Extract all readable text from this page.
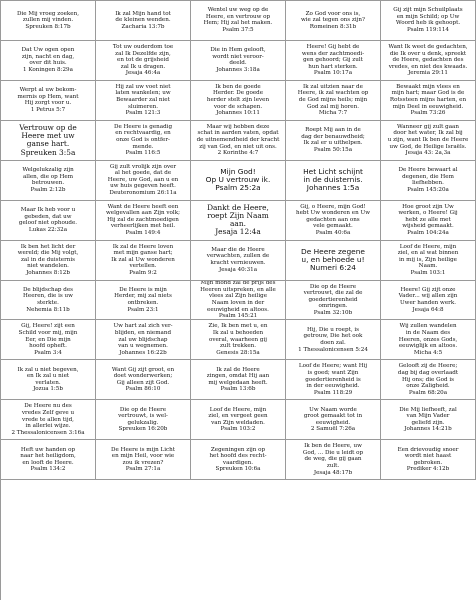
Die Mij vroeg zoeken,
zullen mij vinden.
Spreuken 8:17b
Ik zal Mijn hand tot
de kleinen wenden.
Zacharia 13:7b
Wentel uw weg op de
Heere, en vertrouw op
Hem; Hij zal het maken.
Psalm 37:5
Zo God voor ons is,
wie zal tegen ons zijn?
Romeinen 8:31b
Gij zijt mijn Schuilplaats
en mijn Schild; op Uw
Woord heb ik gehoopt.
Psalm 119:114
Dat Uw ogen open
zijn, nacht en dag,
over dit huis.
1 Koningen 8:29a
Tot uw ouderdom toe
zal Ik Dezelfde zijn,
en tot de grijsheid
zal Ik u dragen.
Jesaja 46:4a
Die in Hem gelooft,
wordt niet veroor-
deeld.
Johannes 3:18a
Heere! Gij hebt de
wens der zachtmoedi-
gen gehoord; Gij zult
hun hart sterken.
Psalm 10:17a
Want Ik weet de gedachten,
die Ik over u denk, spreekt
de Heere, gedachten des
vredes, en niet des kwaads.
Jeremia 29:11
Werpt al uw bekom-
mernis op Hem, want
Hij zorgt voor u.
1 Petrus 5:7
Hij zal uw voet niet
laten wankelen; uw
Bewaarder zal niet
sluimeren.
Psalm 121:3
Ik ben de goede
Herder. De goede
herder stelt zijn leven
voor de schapen.
Johannes 10:11
Ik zal uitzien naar de
Heere, ik zal wachten op
de God mijns heils; mijn
God zal mij horen.
Micha 7:7
Bewaakt mijn vlees en
mijn hart; maar God is de
Rotssteen mijns harten, en
mijn Deel in eeuwigheid.
Psalm 73:26
Vertrouw op de
Heere met uw
ganse hart.
Spreuken 3:5a
De Heere is genadig
en rechtvaardig, en
onze God is ontfer-
mende.
Psalm 116:5
Maar wij hebben deze
schat in aarden vaten, opdat
de uitnemendheid der kracht
zij van God, en niet uit ons.
2 Korinthe 4:7
Roept Mij aan in de
dag der benauwdheid;
Ik zal er u uithelpen.
Psalm 50:15a
Wanneer gij zult gaan
door het water, Ik zal bij
u zijn, want Ik ben de Heere
uw God, de Heilige Israëls.
Jesaja 43: 2a,3a
Welgelukzalig zijn
allen, die op Hem
betrouwen.
Psalm 2:12b
Gij zult vrolijk zijn over
al het goede, dat de
Heere, uw God, aan u en
uw huis gegeven heeft.
Deuteronomium 26:11a
Mijn God!
Op U vertrouw ik.
Psalm 25:2a
Het Licht schijnt
in de duisternis.
Johannes 1:5a
De Heere bewaart al
degenen, die Hem
liefhebben.
Psalm 145:20a
Maar Ik heb voor u
gebeden, dat uw
geloof niet ophoude.
Lukas 22:32a
Want de Heere heeft een
welgevallen aan Zijn volk;
Hij zal de zachtmoedigen
verheerlijken met heil.
Psalm 149:4
Dankt de Heere,
roept Zijn Naam
aan.
Jesaja 12:4a
Gij, o Heere, mijn God!
hebt Uw wonderen en Uw
gedachten aan ons
vele gemaakt.
Psalm 40:6a
Hoe groot zijn Uw
werken, o Heere! Gij
hebt ze alle met
wijsheid gemaakt.
Psalm 104:24a
Ik ben het licht der
wereld; die Mij volgt,
zal in de duisternis
niet wandelen.
Johannes 8:12b
Ik zal de Heere loven
met mijn ganse hart;
Ik zal al Uw wonderen
vertellen.
Psalm 9:2
Maar die de Heere
verwachten, zullen de
kracht vernieuwen.
Jesaja 40:31a
De Heere zegene
u, en behoede u!
Numeri 6:24
Loof de Heere, mijn
ziel, en al wat binnen
in mij is, Zijn heilige
Naam.
Psalm 103:1
De blijdschap des
Heeren, die is uw
sterkte.
Nehemia 8:11b
De Heere is mijn
Herder, mij zal niets
ontbreken.
Psalm 23:1
Mijn mond zal de prijs des
Heeren uitspreken, en alle
vlees zal Zijn heilige
Naam loven in der
eeuwigheid en altoos.
Psalm 145:21
Die op de Heere
vertrouwt, die zal de
goedertierenheid
omringen.
Psalm 32:10b
Heere! Gij zijt onze
Vader... wij allen zijn
Uwer handen werk.
Jesaja 64:8
Gij, Heere! zijt een
Schild voor mij, mijn
Eer, en Die mijn
hoofd opheft.
Psalm 3:4
Uw hart zal zich ver-
blijden, en niemand
zal uw blijdschap
van u wegnemen.
Johannes 16:22b
Zie, Ik ben met u, en
Ik zal u behoeden
overal, waarheen gij
zult trekken.
Genesis 28:15a
Hij, Die u roept, is
getrouw, Die het ook
doen zal.
1 Thessalonicensen 5:24
Wij zullen wandelen
in de Naam des
Heeren, onzes Gods,
eeuwiglijk en altoos.
Micha 4:5
Ik zal u niet begeven,
en Ik zal u niet
verlaten.
Jozua 1:5b
Want Gij zijt groot, en
doet wonderwerken;
Gij alleen zijt God.
Psalm 86:10
Ik zal de Heere
zingen, omdat Hij aan
mij welgedaan heeft.
Psalm 13:6b
Loof de Heere; want Hij
is goed; want Zijn
goedertierenheid is
in der eeuwigheid.
Psalm 118:29
Gelooft zij de Heere;
dag bij dag overlaadt
Hij ons; die God is
onze Zaligheid.
Psalm 68:20a
De Heere nu des
vredes Zelf geve u
vrede te allen tijd,
in allerlei wijze.
2 Thessalonicensen 3:16a
Die op de Heere
vertrouwt, is wel-
gelukzalig.
Spreuken 16:20b
Loof de Heere, mijn
ziel, en vergeet geen
van Zijn weldaden.
Psalm 103:2
Uw Naam worde
groot gemaakt tot in
eeuwigheid.
2 Samuël 7:26a
Die Mij liefheeft, zal
van Mijn Vader
geliefd zijn.
Johannes 14:21b
Heft uw handen op
naar het heiligdom,
en looft de Heere.
Psalm 134:2
De Heere is mijn Licht
en mijn Heil, voor wie
zou ik vrezen?
Psalm 27:1a
Zegeningen zijn op
het hoofd des recht-
vaardigen.
Spreuken 10:6a
Ik ben de Heere, uw
God, ... Die u leidt op
de weg, die gij gaan
zult.
Jesaja 48:17b
Een drievoudig snoer
wordt niet haast
gebroken.
Prediker 4:12b
